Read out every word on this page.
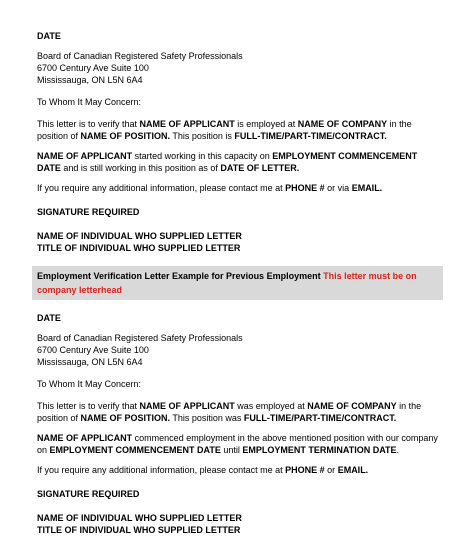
DATE

Board of Canadian Registered Safety Professionals

6700 Century Ave Suite 100

Mississauga, ON L5N 6A4

To Whom It May Concern:

This letter is to verify that NAME OF APPLICANT is employed at NAME OF COMPANY in the position of NAME OF POSITION. This position is FULL-TIME/PART-TIME/CONTRACT.

NAME OF APPLICANT started working in this capacity on EMPLOYMENT COMMENCEMENT DATE and is still working in this position as of DATE OF LETTER.

If you require any additional information, please contact me at PHONE # or via EMAIL.

SIGNATURE REQUIRED

NAME OF INDIVIDUAL WHO SUPPLIED LETTER

TITLE OF INDIVIDUAL WHO SUPPLIED LETTER

Employment Verification Letter Example for Previous Employment This letter must be on company letterhead

DATE

Board of Canadian Registered Safety Professionals

6700 Century Ave Suite 100

Mississauga, ON L5N 6A4

To Whom It May Concern:

This letter is to verify that NAME OF APPLICANT was employed at NAME OF COMPANY in the position of NAME OF POSITION. This position was FULL-TIME/PART-TIME/CONTRACT.

NAME OF APPLICANT commenced employment in the above mentioned position with our company on EMPLOYMENT COMMENCEMENT DATE until EMPLOYMENT TERMINATION DATE.

If you require any additional information, please contact me at PHONE # or EMAIL.

SIGNATURE REQUIRED

NAME OF INDIVIDUAL WHO SUPPLIED LETTER

TITLE OF INDIVIDUAL WHO SUPPLIED LETTER
